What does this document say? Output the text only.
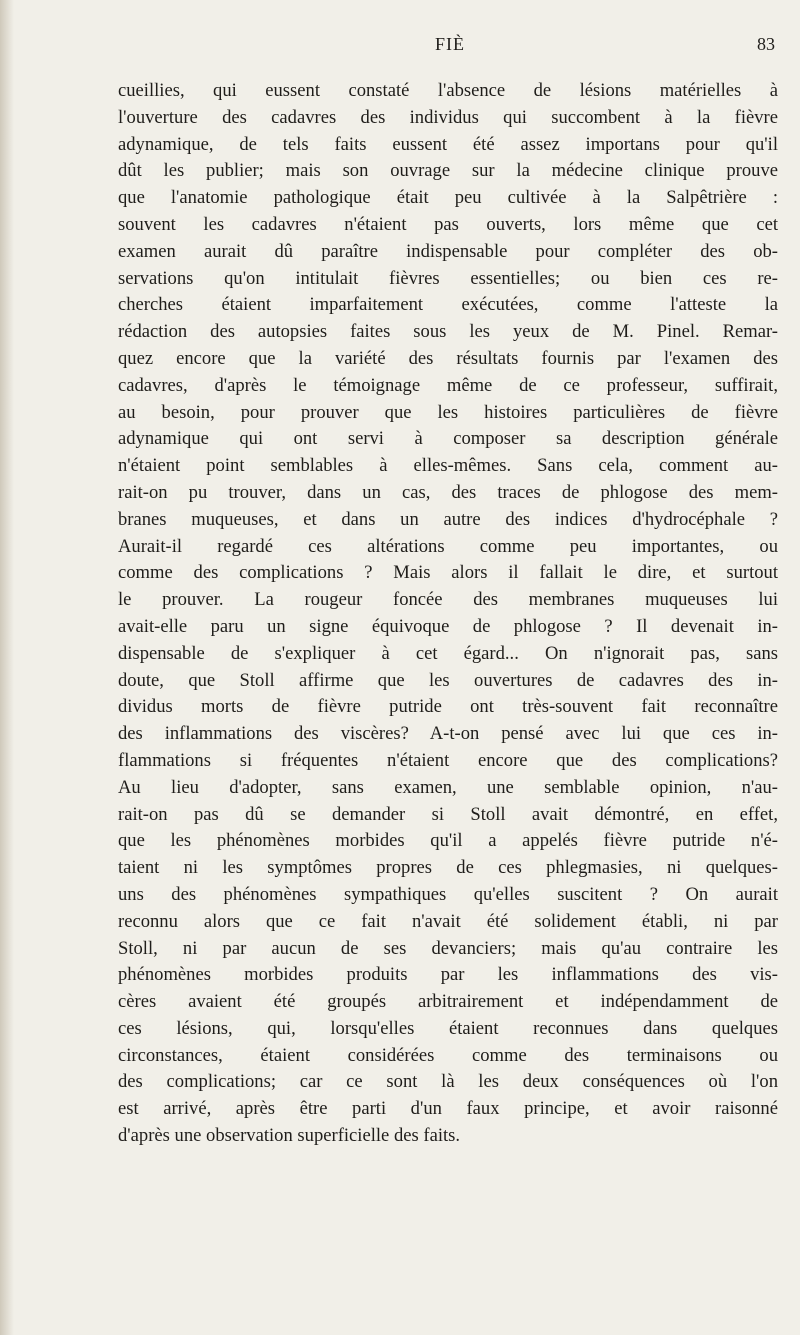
FIÈ	83
cueillies, qui eussent constaté l'absence de lésions matérielles à
l'ouverture des cadavres des individus qui succombent à la fièvre
adynamique, de tels faits eussent été assez importans pour qu'il
dût les publier; mais son ouvrage sur la médecine clinique prouve
que l'anatomie pathologique était peu cultivée à la Salpêtrière :
souvent les cadavres n'étaient pas ouverts, lors même que cet
examen aurait dû paraître indispensable pour compléter des ob-
servations qu'on intitulait fièvres essentielles; ou bien ces re-
cherches étaient imparfaitement exécutées, comme l'atteste la
rédaction des autopsies faites sous les yeux de M. Pinel. Remar-
quez encore que la variété des résultats fournis par l'examen des
cadavres, d'après le témoignage même de ce professeur, suffirait,
au besoin, pour prouver que les histoires particulières de fièvre
adynamique qui ont servi à composer sa description générale
n'étaient point semblables à elles-mêmes. Sans cela, comment au-
rait-on pu trouver, dans un cas, des traces de phlogose des mem-
branes muqueuses, et dans un autre des indices d'hydrocéphale ?
Aurait-il regardé ces altérations comme peu importantes, ou
comme des complications ? Mais alors il fallait le dire, et surtout
le prouver. La rougeur foncée des membranes muqueuses lui
avait-elle paru un signe équivoque de phlogose ? Il devenait in-
dispensable de s'expliquer à cet égard... On n'ignorait pas, sans
doute, que Stoll affirme que les ouvertures de cadavres des in-
dividus morts de fièvre putride ont très-souvent fait reconnaître
des inflammations des viscères? A-t-on pensé avec lui que ces in-
flammations si fréquentes n'étaient encore que des complications?
Au lieu d'adopter, sans examen, une semblable opinion, n'au-
rait-on pas dû se demander si Stoll avait démontré, en effet,
que les phénomènes morbides qu'il a appelés fièvre putride n'é-
taient ni les symptômes propres de ces phlegmasies, ni quelques-
uns des phénomènes sympathiques qu'elles suscitent ? On aurait
reconnu alors que ce fait n'avait été solidement établi, ni par
Stoll, ni par aucun de ses devanciers; mais qu'au contraire les
phénomènes morbides produits par les inflammations des vis-
cères avaient été groupés arbitrairement et indépendamment de
ces lésions, qui, lorsqu'elles étaient reconnues dans quelques
circonstances, étaient considérées comme des terminaisons ou
des complications; car ce sont là les deux conséquences où l'on
est arrivé, après être parti d'un faux principe, et avoir raisonné
d'après une observation superficielle des faits.
